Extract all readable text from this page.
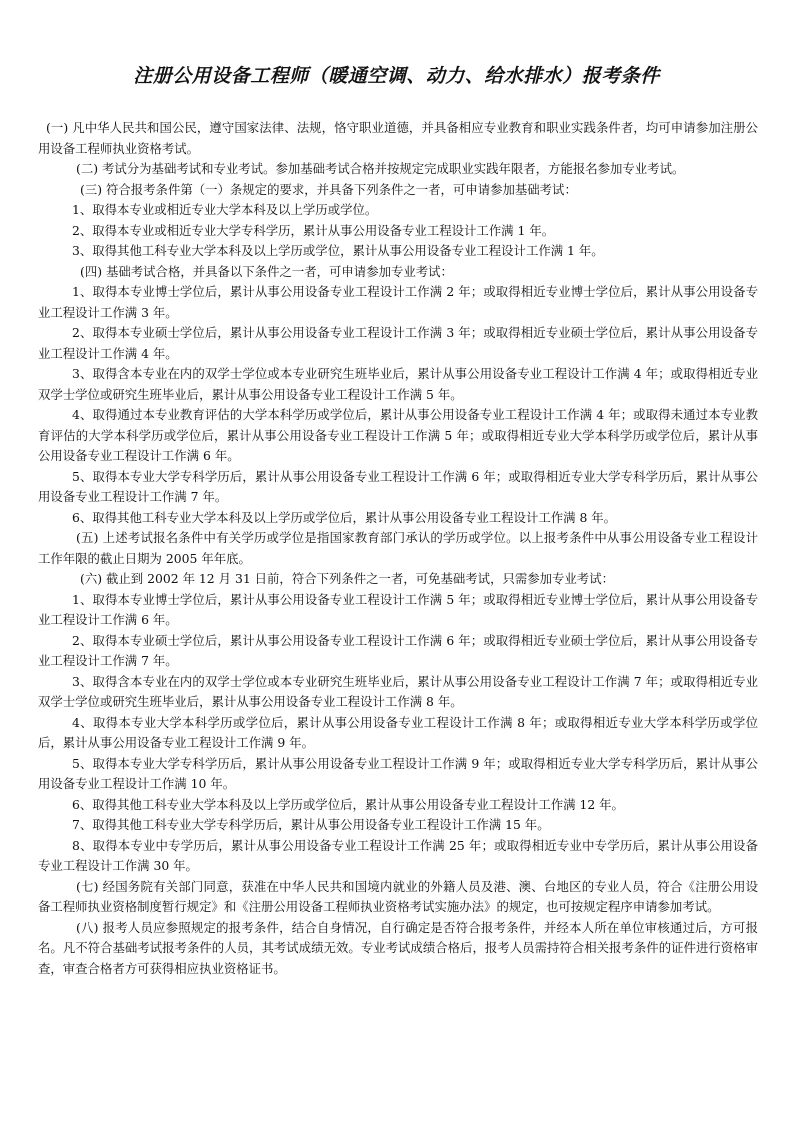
注册公用设备工程师（暖通空调、动力、给水排水）报考条件

(一) 凡中华人民共和国公民，遵守国家法律、法规，恪守职业道德，并具备相应专业教育和职业实践条件者，均可申请参加注册公用设备工程师执业资格考试。

(二) 考试分为基础考试和专业考试。参加基础考试合格并按规定完成职业实践年限者，方能报名参加专业考试。

(三) 符合报考条件第（一）条规定的要求，并具备下列条件之一者，可申请参加基础考试：

1、取得本专业或相近专业大学本科及以上学历或学位。

2、取得本专业或相近专业大学专科学历，累计从事公用设备专业工程设计工作满 1 年。

3、取得其他工科专业大学本科及以上学历或学位，累计从事公用设备专业工程设计工作满 1 年。

(四) 基础考试合格，并具备以下条件之一者，可申请参加专业考试：

1、取得本专业博士学位后，累计从事公用设备专业工程设计工作满 2 年；或取得相近专业博士学位后，累计从事公用设备专业工程设计工作满 3 年。

2、取得本专业硕士学位后，累计从事公用设备专业工程设计工作满 3 年；或取得相近专业硕士学位后，累计从事公用设备专业工程设计工作满 4 年。

3、取得含本专业在内的双学士学位或本专业研究生班毕业后，累计从事公用设备专业工程设计工作满 4 年；或取得相近专业双学士学位或研究生班毕业后，累计从事公用设备专业工程设计工作满 5 年。

4、取得通过本专业教育评估的大学本科学历或学位后，累计从事公用设备专业工程设计工作满 4 年；或取得未通过本专业教育评估的大学本科学历或学位后，累计从事公用设备专业工程设计工作满 5 年；或取得相近专业大学本科学历或学位后，累计从事公用设备专业工程设计工作满 6 年。

5、取得本专业大学专科学历后，累计从事公用设备专业工程设计工作满 6 年；或取得相近专业大学专科学历后，累计从事公用设备专业工程设计工作满 7 年。

6、取得其他工科专业大学本科及以上学历或学位后，累计从事公用设备专业工程设计工作满 8 年。

(五) 上述考试报名条件中有关学历或学位是指国家教育部门承认的学历或学位。以上报考条件中从事公用设备专业工程设计工作年限的截止日期为 2005 年年底。

(六) 截止到 2002 年 12 月 31 日前，符合下列条件之一者，可免基础考试，只需参加专业考试：

1、取得本专业博士学位后，累计从事公用设备专业工程设计工作满 5 年；或取得相近专业博士学位后，累计从事公用设备专业工程设计工作满 6 年。

2、取得本专业硕士学位后，累计从事公用设备专业工程设计工作满 6 年；或取得相近专业硕士学位后，累计从事公用设备专业工程设计工作满 7 年。

3、取得含本专业在内的双学士学位或本专业研究生班毕业后，累计从事公用设备专业工程设计工作满 7 年；或取得相近专业双学士学位或研究生班毕业后，累计从事公用设备专业工程设计工作满 8 年。

4、取得本专业大学本科学历或学位后，累计从事公用设备专业工程设计工作满 8 年；或取得相近专业大学本科学历或学位后，累计从事公用设备专业工程设计工作满 9 年。

5、取得本专业大学专科学历后，累计从事公用设备专业工程设计工作满 9 年；或取得相近专业大学专科学历后，累计从事公用设备专业工程设计工作满 10 年。

6、取得其他工科专业大学本科及以上学历或学位后，累计从事公用设备专业工程设计工作满 12 年。

7、取得其他工科专业大学专科学历后，累计从事公用设备专业工程设计工作满 15 年。

8、取得本专业中专学历后，累计从事公用设备专业工程设计工作满 25 年；或取得相近专业中专学历后，累计从事公用设备专业工程设计工作满 30 年。

(七) 经国务院有关部门同意，获准在中华人民共和国境内就业的外籍人员及港、澳、台地区的专业人员，符合《注册公用设备工程师执业资格制度暂行规定》和《注册公用设备工程师执业资格考试实施办法》的规定，也可按规定程序申请参加考试。

(八) 报考人员应参照规定的报考条件，结合自身情况，自行确定是否符合报考条件，并经本人所在单位审核通过后，方可报名。凡不符合基础考试报考条件的人员，其考试成绩无效。专业考试成绩合格后，报考人员需持符合相关报考条件的证件进行资格审查，审查合格者方可获得相应执业资格证书。
